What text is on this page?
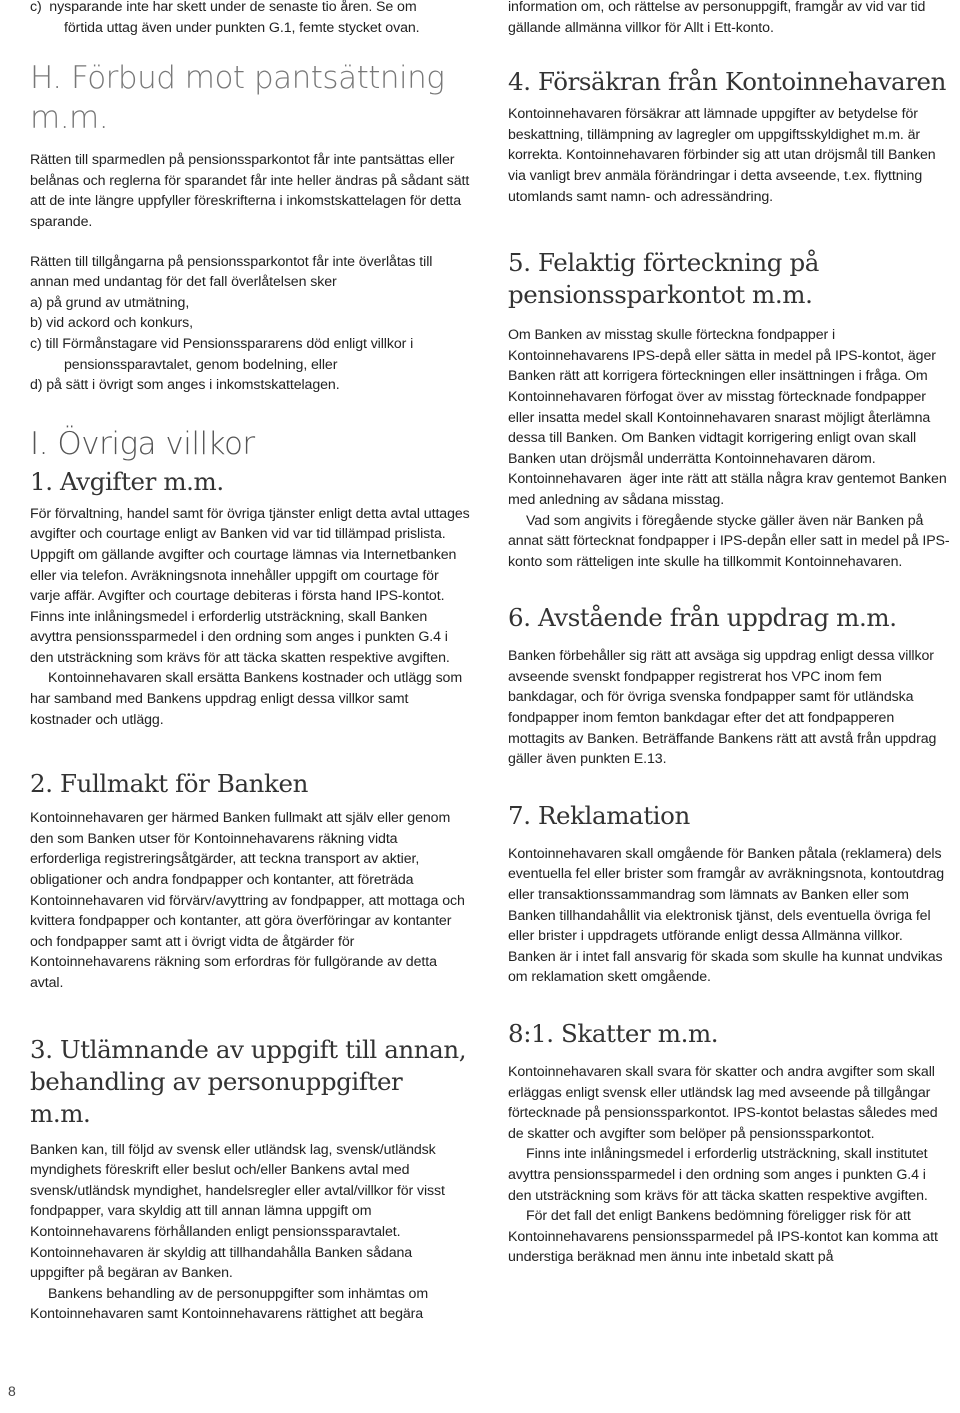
c)  nysparande inte har skett under de senaste tio åren. Se om

förtida uttag även under punkten G.1, femte stycket ovan.

H. Förbud mot pantsättning m.m.

Rätten till sparmedlen på pensionssparkontot får inte pantsättas eller belånas och reglerna för sparandet får inte heller ändras på sådant sätt att de inte längre uppfyller föreskrifterna i inkomstskattelagen för detta sparande.

Rätten till tillgångarna på pensionssparkontot får inte överlåtas till annan med undantag för det fall överlåtelsen sker

a) på grund av utmätning,

b) vid ackord och konkurs,

c) till Förmånstagare vid Pensionsspararens död enligt villkor i

pensionssparavtalet, genom bodelning, eller

d) på sätt i övrigt som anges i inkomstskattelagen.

I. Övriga villkor
1. Avgifter m.m.

För förvaltning, handel samt för övriga tjänster enligt detta avtal uttages avgifter och courtage enligt av Banken vid var tid tillämpad prislista. Uppgift om gällande avgifter och courtage lämnas via Internetbanken eller via telefon. Avräkningsnota innehåller uppgift om courtage för varje affär. Avgifter och courtage debiteras i första hand IPS-kontot. Finns inte inlåningsmedel i erforderlig utsträckning, skall Banken avyttra pensionssparmedel i den ordning som anges i punkten G.4 i den utsträckning som krävs för att täcka skatten respektive avgiften.

Kontoinnehavaren skall ersätta Bankens kostnader och utlägg som har samband med Bankens uppdrag enligt dessa villkor samt kostnader och utlägg.

2. Fullmakt för Banken

Kontoinnehavaren ger härmed Banken fullmakt att själv eller genom den som Banken utser för Kontoinnehavarens räkning vidta erforderliga registreringsåtgärder, att teckna transport av aktier, obligationer och andra fondpapper och kontanter, att företräda Kontoinnehavaren vid förvärv/avyttring av fondpapper, att mottaga och kvittera fondpapper och kontanter, att göra överföringar av kontanter och fondpapper samt att i övrigt vidta de åtgärder för Kontoinnehavarens räkning som erfordras för fullgörande av detta avtal.

3. Utlämnande av uppgift till annan, behandling av personuppgifter m.m.

Banken kan, till följd av svensk eller utländsk lag, svensk/utländsk myndighets föreskrift eller beslut och/eller Bankens avtal med svensk/utländsk myndighet, handelsregler eller avtal/villkor för visst fondpapper, vara skyldig att till annan lämna uppgift om Kontoinnehavarens förhållanden enligt pensionssparavtalet. Kontoinnehavaren är skyldig att tillhandahålla Banken sådana uppgifter på begäran av Banken.

Bankens behandling av de personuppgifter som inhämtas om Kontoinnehavaren samt Kontoinnehavarens rättighet att begära

information om, och rättelse av personuppgift, framgår av vid var tid gällande allmänna villkor för Allt i Ett-konto.

4. Försäkran från Kontoinnehavaren

Kontoinnehavaren försäkrar att lämnade uppgifter av betydelse för beskattning, tillämpning av lagregler om uppgiftsskyldighet m.m. är korrekta. Kontoinnehavaren förbinder sig att utan dröjsmål till Banken via vanligt brev anmäla förändringar i detta avseende, t.ex. flyttning utomlands samt namn- och adressändring.

5. Felaktig förteckning på pensionssparkontot m.m.

Om Banken av misstag skulle förteckna fondpapper i Kontoinnehavarens IPS-depå eller sätta in medel på IPS-kontot, äger Banken rätt att korrigera förteckningen eller insättningen i fråga. Om Kontoinnehavaren förfogat över av misstag förtecknade fondpapper eller insatta medel skall Kontoinnehavaren snarast möjligt återlämna dessa till Banken. Om Banken vidtagit korrigering enligt ovan skall Banken utan dröjsmål underrätta Kontoinnehavaren därom. Kontoinnehavaren  äger inte rätt att ställa några krav gentemot Banken med anledning av sådana misstag.

Vad som angivits i föregående stycke gäller även när Banken på annat sätt förtecknat fondpapper i IPS-depån eller satt in medel på IPS-konto som rätteligen inte skulle ha tillkommit Kontoinnehavaren.

6. Avstående från uppdrag m.m.

Banken förbehåller sig rätt att avsäga sig uppdrag enligt dessa villkor avseende svenskt fondpapper registrerat hos VPC inom fem bankdagar, och för övriga svenska fondpapper samt för utländska fondpapper inom femton bankdagar efter det att fondpapperen mottagits av Banken. Beträffande Bankens rätt att avstå från uppdrag gäller även punkten E.13.

7. Reklamation

Kontoinnehavaren skall omgående för Banken påtala (reklamera) dels eventuella fel eller brister som framgår av avräkningsnota, kontoutdrag eller transaktionssammandrag som lämnats av Banken eller som Banken tillhandahållit via elektronisk tjänst, dels eventuella övriga fel eller brister i uppdragets utförande enligt dessa Allmänna villkor. Banken är i intet fall ansvarig för skada som skulle ha kunnat undvikas om reklamation skett omgående.

8:1. Skatter m.m.

Kontoinnehavaren skall svara för skatter och andra avgifter som skall erläggas enligt svensk eller utländsk lag med avseende på tillgångar förtecknade på pensionssparkontot. IPS-kontot belastas således med de skatter och avgifter som belöper på pensionssparkontot.

Finns inte inlåningsmedel i erforderlig utsträckning, skall institutet avyttra pensionssparmedel i den ordning som anges i punkten G.4 i den utsträckning som krävs för att täcka skatten respektive avgiften.

För det fall det enligt Bankens bedömning föreligger risk för att Kontoinnehavarens pensionssparmedel på IPS-kontot kan komma att understiga beräknad men ännu inte inbetald skatt på

8
